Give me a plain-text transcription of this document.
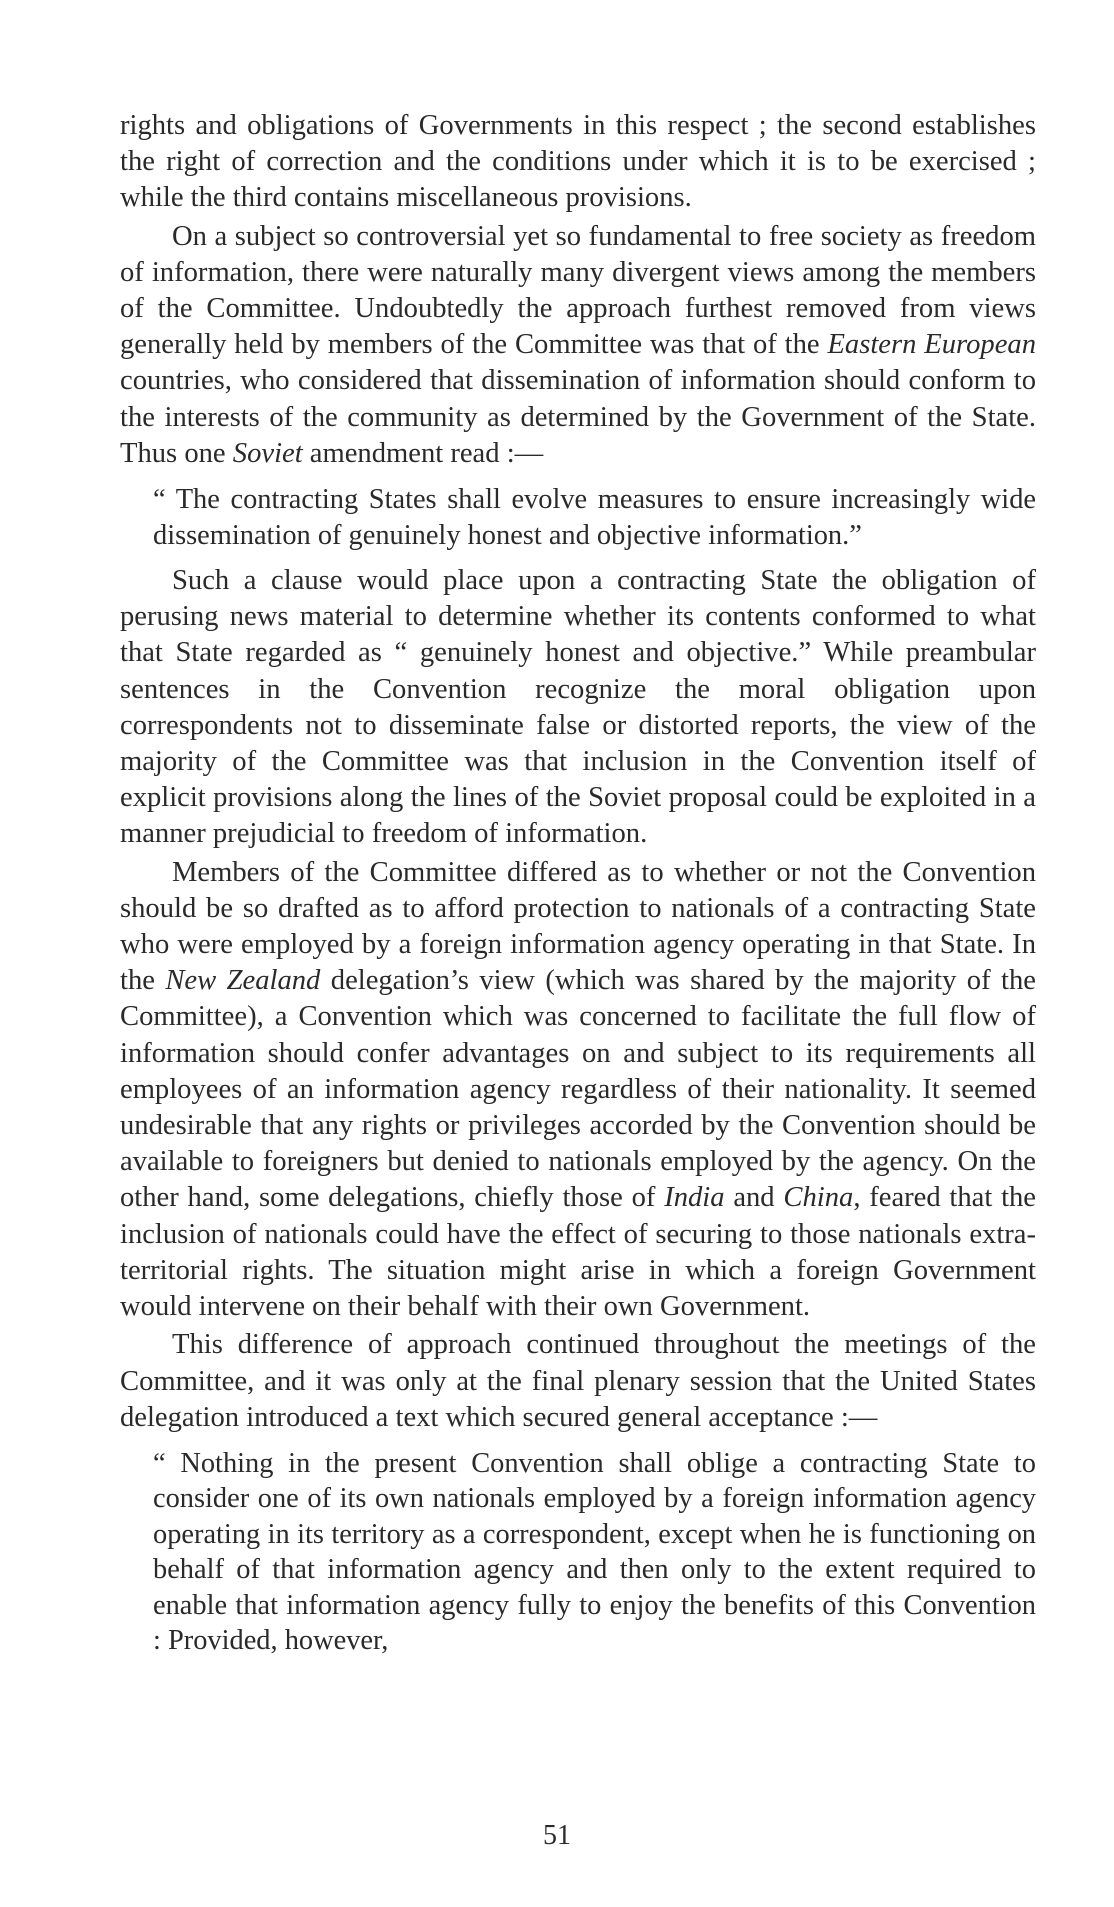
rights and obligations of Governments in this respect ; the second establishes the right of correction and the conditions under which it is to be exercised ; while the third contains miscellaneous provisions.

On a subject so controversial yet so fundamental to free society as freedom of information, there were naturally many divergent views among the members of the Committee. Undoubtedly the approach furthest removed from views generally held by members of the Committee was that of the Eastern European countries, who considered that dissemination of information should conform to the interests of the community as determined by the Government of the State. Thus one Soviet amendment read :—

“ The contracting States shall evolve measures to ensure increasingly wide dissemination of genuinely honest and objective information.”

Such a clause would place upon a contracting State the obligation of perusing news material to determine whether its contents conformed to what that State regarded as “ genuinely honest and objective.” While preambular sentences in the Convention recognize the moral obligation upon correspondents not to disseminate false or distorted reports, the view of the majority of the Committee was that inclusion in the Convention itself of explicit provisions along the lines of the Soviet proposal could be exploited in a manner prejudicial to freedom of information.

Members of the Committee differed as to whether or not the Convention should be so drafted as to afford protection to nationals of a contracting State who were employed by a foreign information agency operating in that State. In the New Zealand delegation’s view (which was shared by the majority of the Committee), a Convention which was concerned to facilitate the full flow of information should confer advantages on and subject to its requirements all employees of an information agency regardless of their nationality. It seemed undesirable that any rights or privileges accorded by the Convention should be available to foreigners but denied to nationals employed by the agency. On the other hand, some delegations, chiefly those of India and China, feared that the inclusion of nationals could have the effect of securing to those nationals extra-territorial rights. The situation might arise in which a foreign Government would intervene on their behalf with their own Government.

This difference of approach continued throughout the meetings of the Committee, and it was only at the final plenary session that the United States delegation introduced a text which secured general acceptance :—

“ Nothing in the present Convention shall oblige a contracting State to consider one of its own nationals employed by a foreign information agency operating in its territory as a correspondent, except when he is functioning on behalf of that information agency and then only to the extent required to enable that information agency fully to enjoy the benefits of this Convention : Provided, however,

51
